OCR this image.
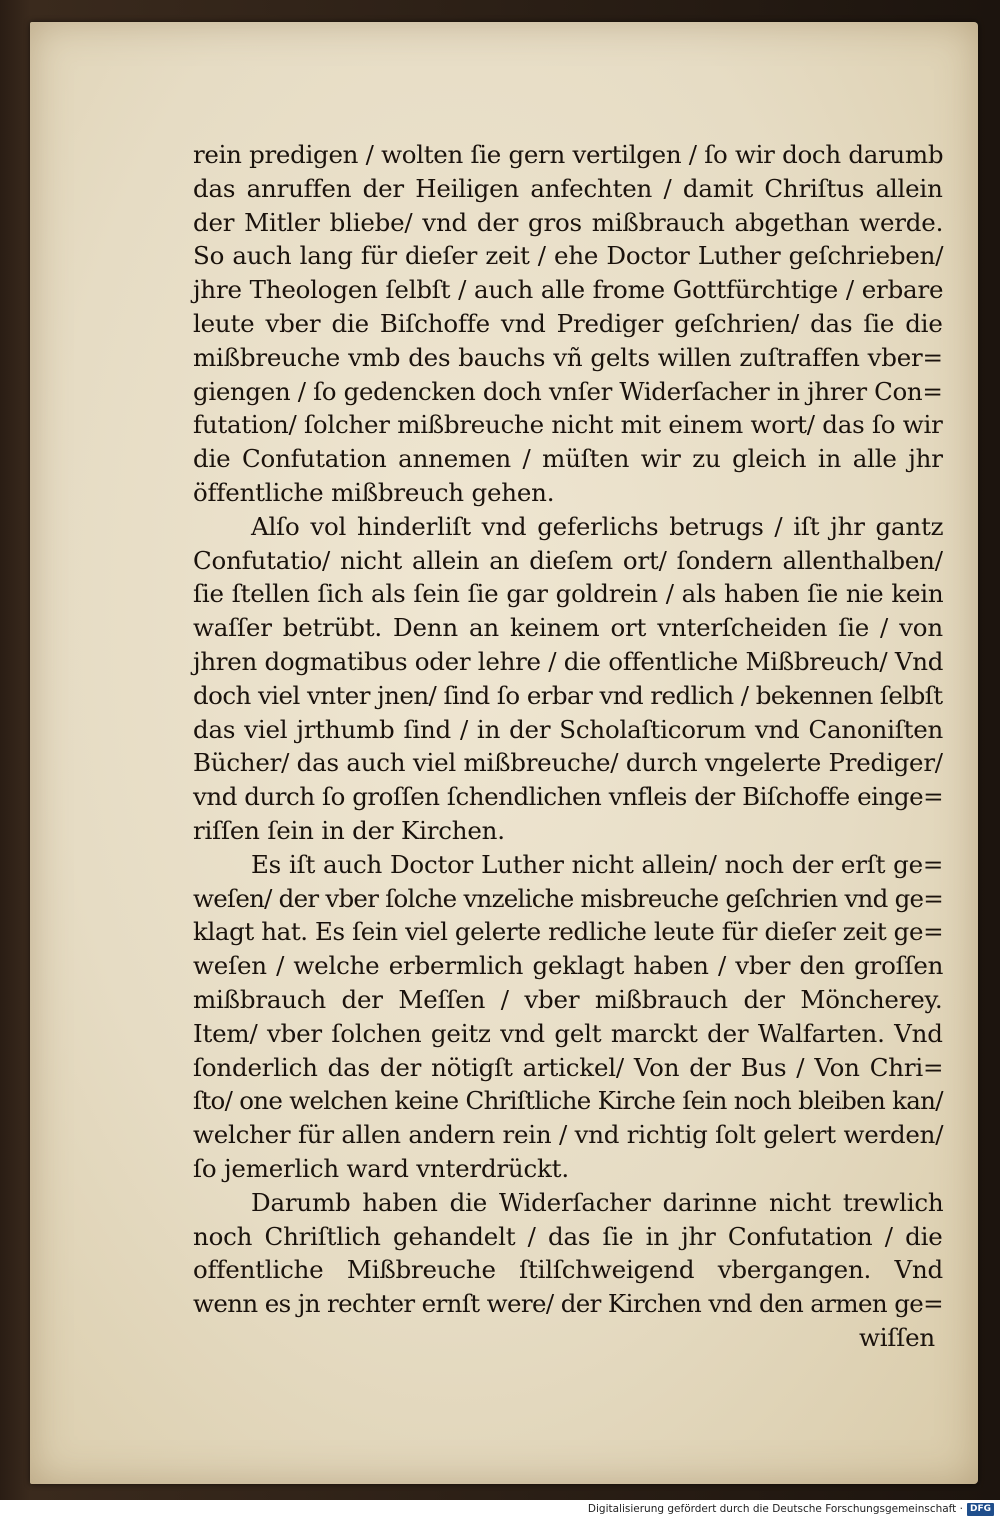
rein predigen / wolten ſie gern vertilgen / ſo wir doch darumb
das anruffen der Heiligen anfechten / damit Chriſtus allein
der Mitler bliebe/ vnd der gros mißbrauch abgethan werde.
So auch lang für dieſer zeit / ehe Doctor Luther geſchrieben/
jhre Theologen ſelbſt / auch alle frome Gottfürchtige / erbare
leute vber die Biſchoffe vnd Prediger geſchrien/ das ſie die
mißbreuche vmb des bauchs vñ gelts willen zuſtraffen vber=
giengen / ſo gedencken doch vnſer Widerſacher in jhrer Con=
futation/ ſolcher mißbreuche nicht mit einem wort/ das ſo wir
die Confutation annemen / müſten wir zu gleich in alle jhr
öffentliche mißbreuch gehen.
Alſo vol hinderliſt vnd geferlichs betrugs / iſt jhr gantz
Confutatio/ nicht allein an dieſem ort/ ſondern allenthalben/
ſie ſtellen ſich als ſein ſie gar goldrein / als haben ſie nie kein
waſſer betrübt. Denn an keinem ort vnterſcheiden ſie / von
jhren dogmatibus oder lehre / die offentliche Mißbreuch/ Vnd
doch viel vnter jnen/ ſind ſo erbar vnd redlich / bekennen ſelbſt
das viel jrthumb ſind / in der Scholaſticorum vnd Canoniſten
Bücher/ das auch viel mißbreuche/ durch vngelerte Prediger/
vnd durch ſo groſſen ſchendlichen vnfleis der Biſchoffe einge=
riſſen ſein in der Kirchen.
Es iſt auch Doctor Luther nicht allein/ noch der erſt ge=
weſen/ der vber ſolche vnzeliche misbreuche geſchrien vnd ge=
klagt hat. Es ſein viel gelerte redliche leute für dieſer zeit ge=
weſen / welche erbermlich geklagt haben / vber den groſſen
mißbrauch der Meſſen / vber mißbrauch der Möncherey.
Item/ vber ſolchen geitz vnd gelt marckt der Walfarten. Vnd
ſonderlich das der nötigſt artickel/ Von der Bus / Von Chri=
ſto/ one welchen keine Chriſtliche Kirche ſein noch bleiben kan/
welcher für allen andern rein / vnd richtig ſolt gelert werden/
ſo jemerlich ward vnterdrückt.
Darumb haben die Widerſacher darinne nicht trewlich
noch Chriſtlich gehandelt / das ſie in jhr Confutation / die
offentliche Mißbreuche ſtilſchweigend vbergangen. Vnd
wenn es jn rechter ernſt were/ der Kirchen vnd den armen ge=
wiſſen
Digitalisierung gefördert durch die Deutsche Forschungsgemeinschaft · DFG
